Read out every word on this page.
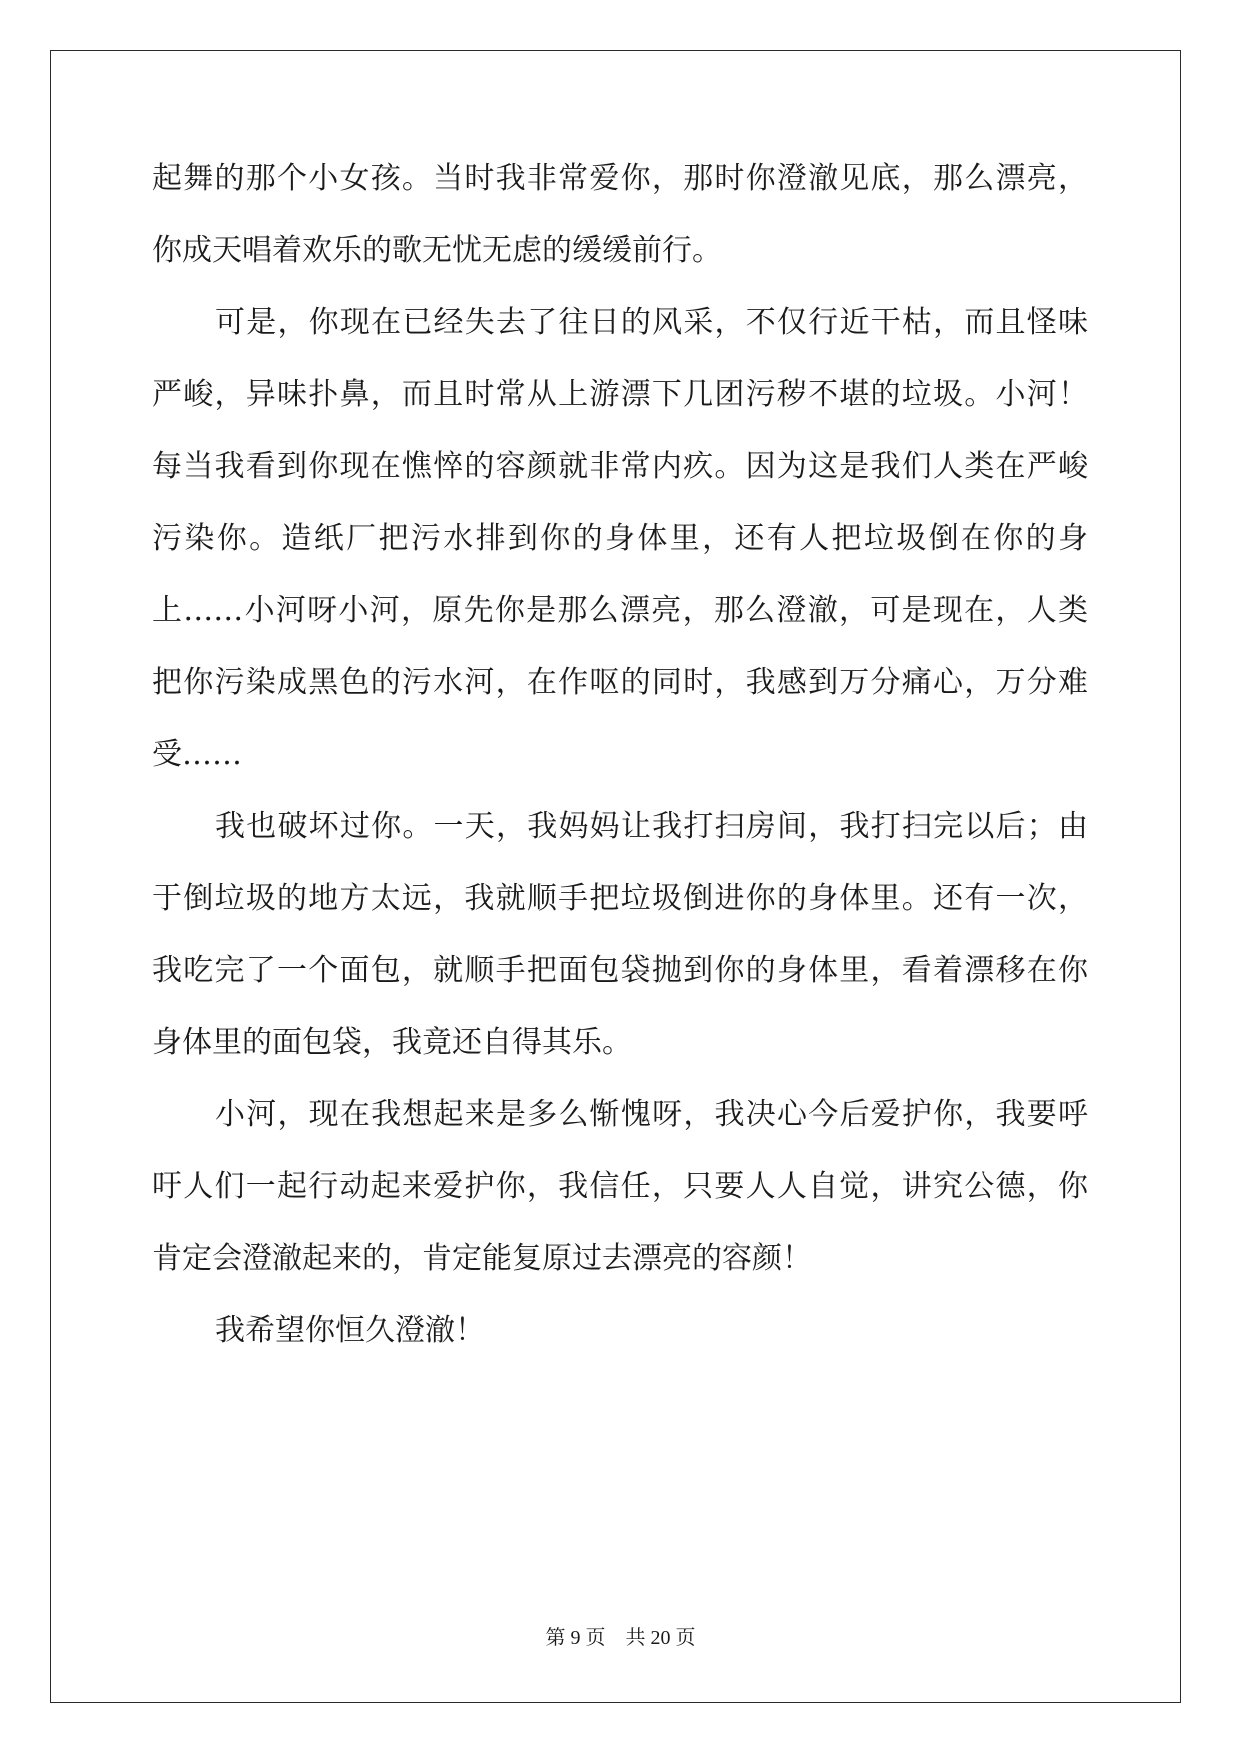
起舞的那个小女孩。当时我非常爱你，那时你澄澈见底，那么漂亮，
你成天唱着欢乐的歌无忧无虑的缓缓前行。
可是，你现在已经失去了往日的风采，不仅行近干枯，而且怪味
严峻，异味扑鼻，而且时常从上游漂下几团污秽不堪的垃圾。小河！
每当我看到你现在憔悴的容颜就非常内疚。因为这是我们人类在严峻
污染你。造纸厂把污水排到你的身体里，还有人把垃圾倒在你的身
上……小河呀小河，原先你是那么漂亮，那么澄澈，可是现在，人类
把你污染成黑色的污水河，在作呕的同时，我感到万分痛心，万分难
受……
我也破坏过你。一天，我妈妈让我打扫房间，我打扫完以后；由
于倒垃圾的地方太远，我就顺手把垃圾倒进你的身体里。还有一次，
我吃完了一个面包，就顺手把面包袋抛到你的身体里，看着漂移在你
身体里的面包袋，我竟还自得其乐。
小河，现在我想起来是多么惭愧呀，我决心今后爱护你，我要呼
吁人们一起行动起来爱护你，我信任，只要人人自觉，讲究公德，你
肯定会澄澈起来的，肯定能复原过去漂亮的容颜！
我希望你恒久澄澈！
第 9 页 共 20 页
